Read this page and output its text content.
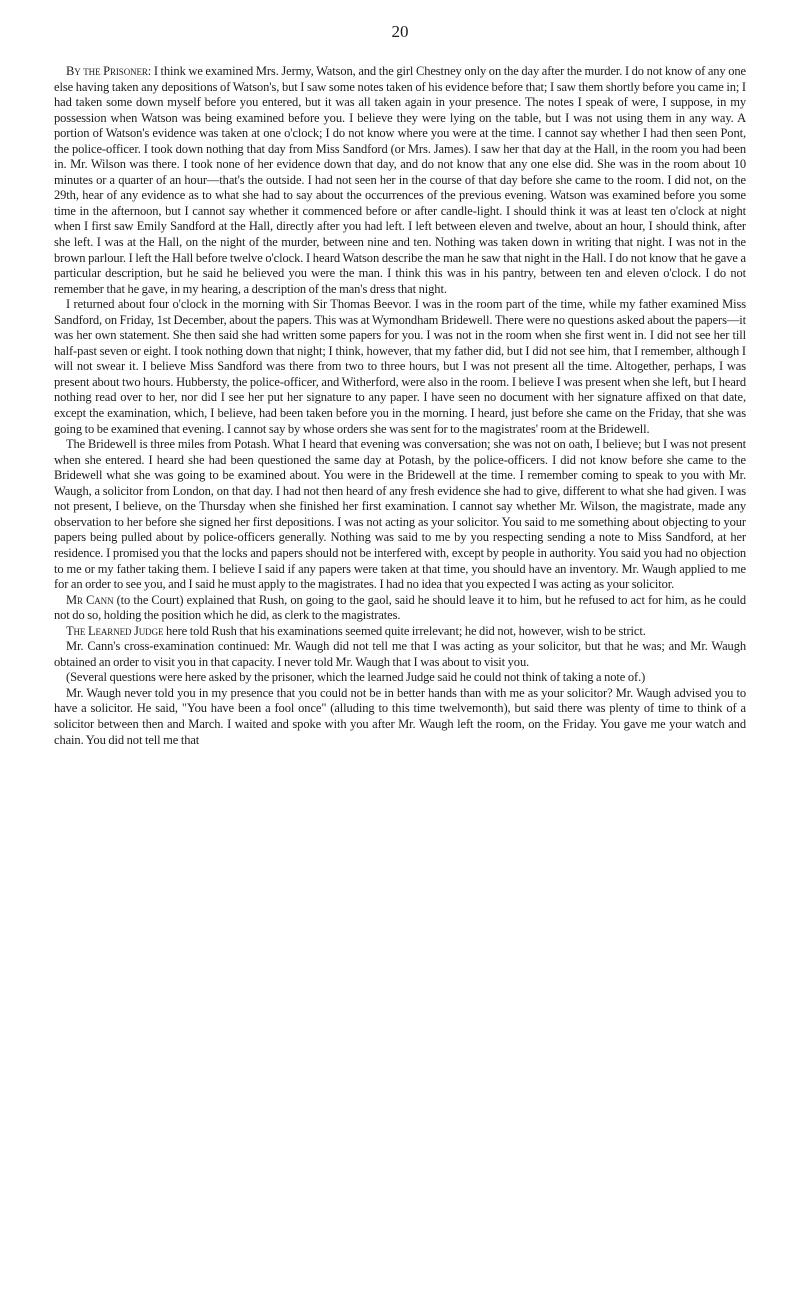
20

By the Prisoner: I think we examined Mrs. Jermy, Watson, and the girl Chestney only on the day after the murder. I do not know of any one else having taken any depositions of Watson's, but I saw some notes taken of his evidence before that; I saw them shortly before you came in; I had taken some down myself before you entered, but it was all taken again in your presence. The notes I speak of were, I suppose, in my possession when Watson was being examined before you. I believe they were lying on the table, but I was not using them in any way. A portion of Watson's evidence was taken at one o'clock; I do not know where you were at the time. I cannot say whether I had then seen Pont, the police-officer. I took down nothing that day from Miss Sandford (or Mrs. James). I saw her that day at the Hall, in the room you had been in. Mr. Wilson was there. I took none of her evidence down that day, and do not know that any one else did. She was in the room about 10 minutes or a quarter of an hour—that's the outside. I had not seen her in the course of that day before she came to the room. I did not, on the 29th, hear of any evidence as to what she had to say about the occurrences of the previous evening. Watson was examined before you some time in the afternoon, but I cannot say whether it commenced before or after candle-light. I should think it was at least ten o'clock at night when I first saw Emily Sandford at the Hall, directly after you had left. I left between eleven and twelve, about an hour, I should think, after she left. I was at the Hall, on the night of the murder, between nine and ten. Nothing was taken down in writing that night. I was not in the brown parlour. I left the Hall before twelve o'clock. I heard Watson describe the man he saw that night in the Hall. I do not know that he gave a particular description, but he said he believed you were the man. I think this was in his pantry, between ten and eleven o'clock. I do not remember that he gave, in my hearing, a description of the man's dress that night.

I returned about four o'clock in the morning with Sir Thomas Beevor. I was in the room part of the time, while my father examined Miss Sandford, on Friday, 1st December, about the papers. This was at Wymondham Bridewell. There were no questions asked about the papers—it was her own statement. She then said she had written some papers for you. I was not in the room when she first went in. I did not see her till half-past seven or eight. I took nothing down that night; I think, however, that my father did, but I did not see him, that I remember, although I will not swear it. I believe Miss Sandford was there from two to three hours, but I was not present all the time. Altogether, perhaps, I was present about two hours. Hubbersty, the police-officer, and Witherford, were also in the room. I believe I was present when she left, but I heard nothing read over to her, nor did I see her put her signature to any paper. I have seen no document with her signature affixed on that date, except the examination, which, I believe, had been taken before you in the morning. I heard, just before she came on the Friday, that she was going to be examined that evening. I cannot say by whose orders she was sent for to the magistrates' room at the Bridewell.

The Bridewell is three miles from Potash. What I heard that evening was conversation; she was not on oath, I believe; but I was not present when she entered. I heard she had been questioned the same day at Potash, by the police-officers. I did not know before she came to the Bridewell what she was going to be examined about. You were in the Bridewell at the time. I remember coming to speak to you with Mr. Waugh, a solicitor from London, on that day. I had not then heard of any fresh evidence she had to give, different to what she had given. I was not present, I believe, on the Thursday when she finished her first examination. I cannot say whether Mr. Wilson, the magistrate, made any observation to her before she signed her first depositions. I was not acting as your solicitor. You said to me something about objecting to your papers being pulled about by police-officers generally. Nothing was said to me by you respecting sending a note to Miss Sandford, at her residence. I promised you that the locks and papers should not be interfered with, except by people in authority. You said you had no objection to me or my father taking them. I believe I said if any papers were taken at that time, you should have an inventory. Mr. Waugh applied to me for an order to see you, and I said he must apply to the magistrates. I had no idea that you expected I was acting as your solicitor.

Mr Cann (to the Court) explained that Rush, on going to the gaol, said he should leave it to him, but he refused to act for him, as he could not do so, holding the position which he did, as clerk to the magistrates.

The Learned Judge here told Rush that his examinations seemed quite irrelevant; he did not, however, wish to be strict.

Mr. Cann's cross-examination continued: Mr. Waugh did not tell me that I was acting as your solicitor, but that he was; and Mr. Waugh obtained an order to visit you in that capacity. I never told Mr. Waugh that I was about to visit you.

(Several questions were here asked by the prisoner, which the learned Judge said he could not think of taking a note of.)

Mr. Waugh never told you in my presence that you could not be in better hands than with me as your solicitor? Mr. Waugh advised you to have a solicitor. He said, "You have been a fool once" (alluding to this time twelvemonth), but said there was plenty of time to think of a solicitor between then and March. I waited and spoke with you after Mr. Waugh left the room, on the Friday. You gave me your watch and chain. You did not tell me that
